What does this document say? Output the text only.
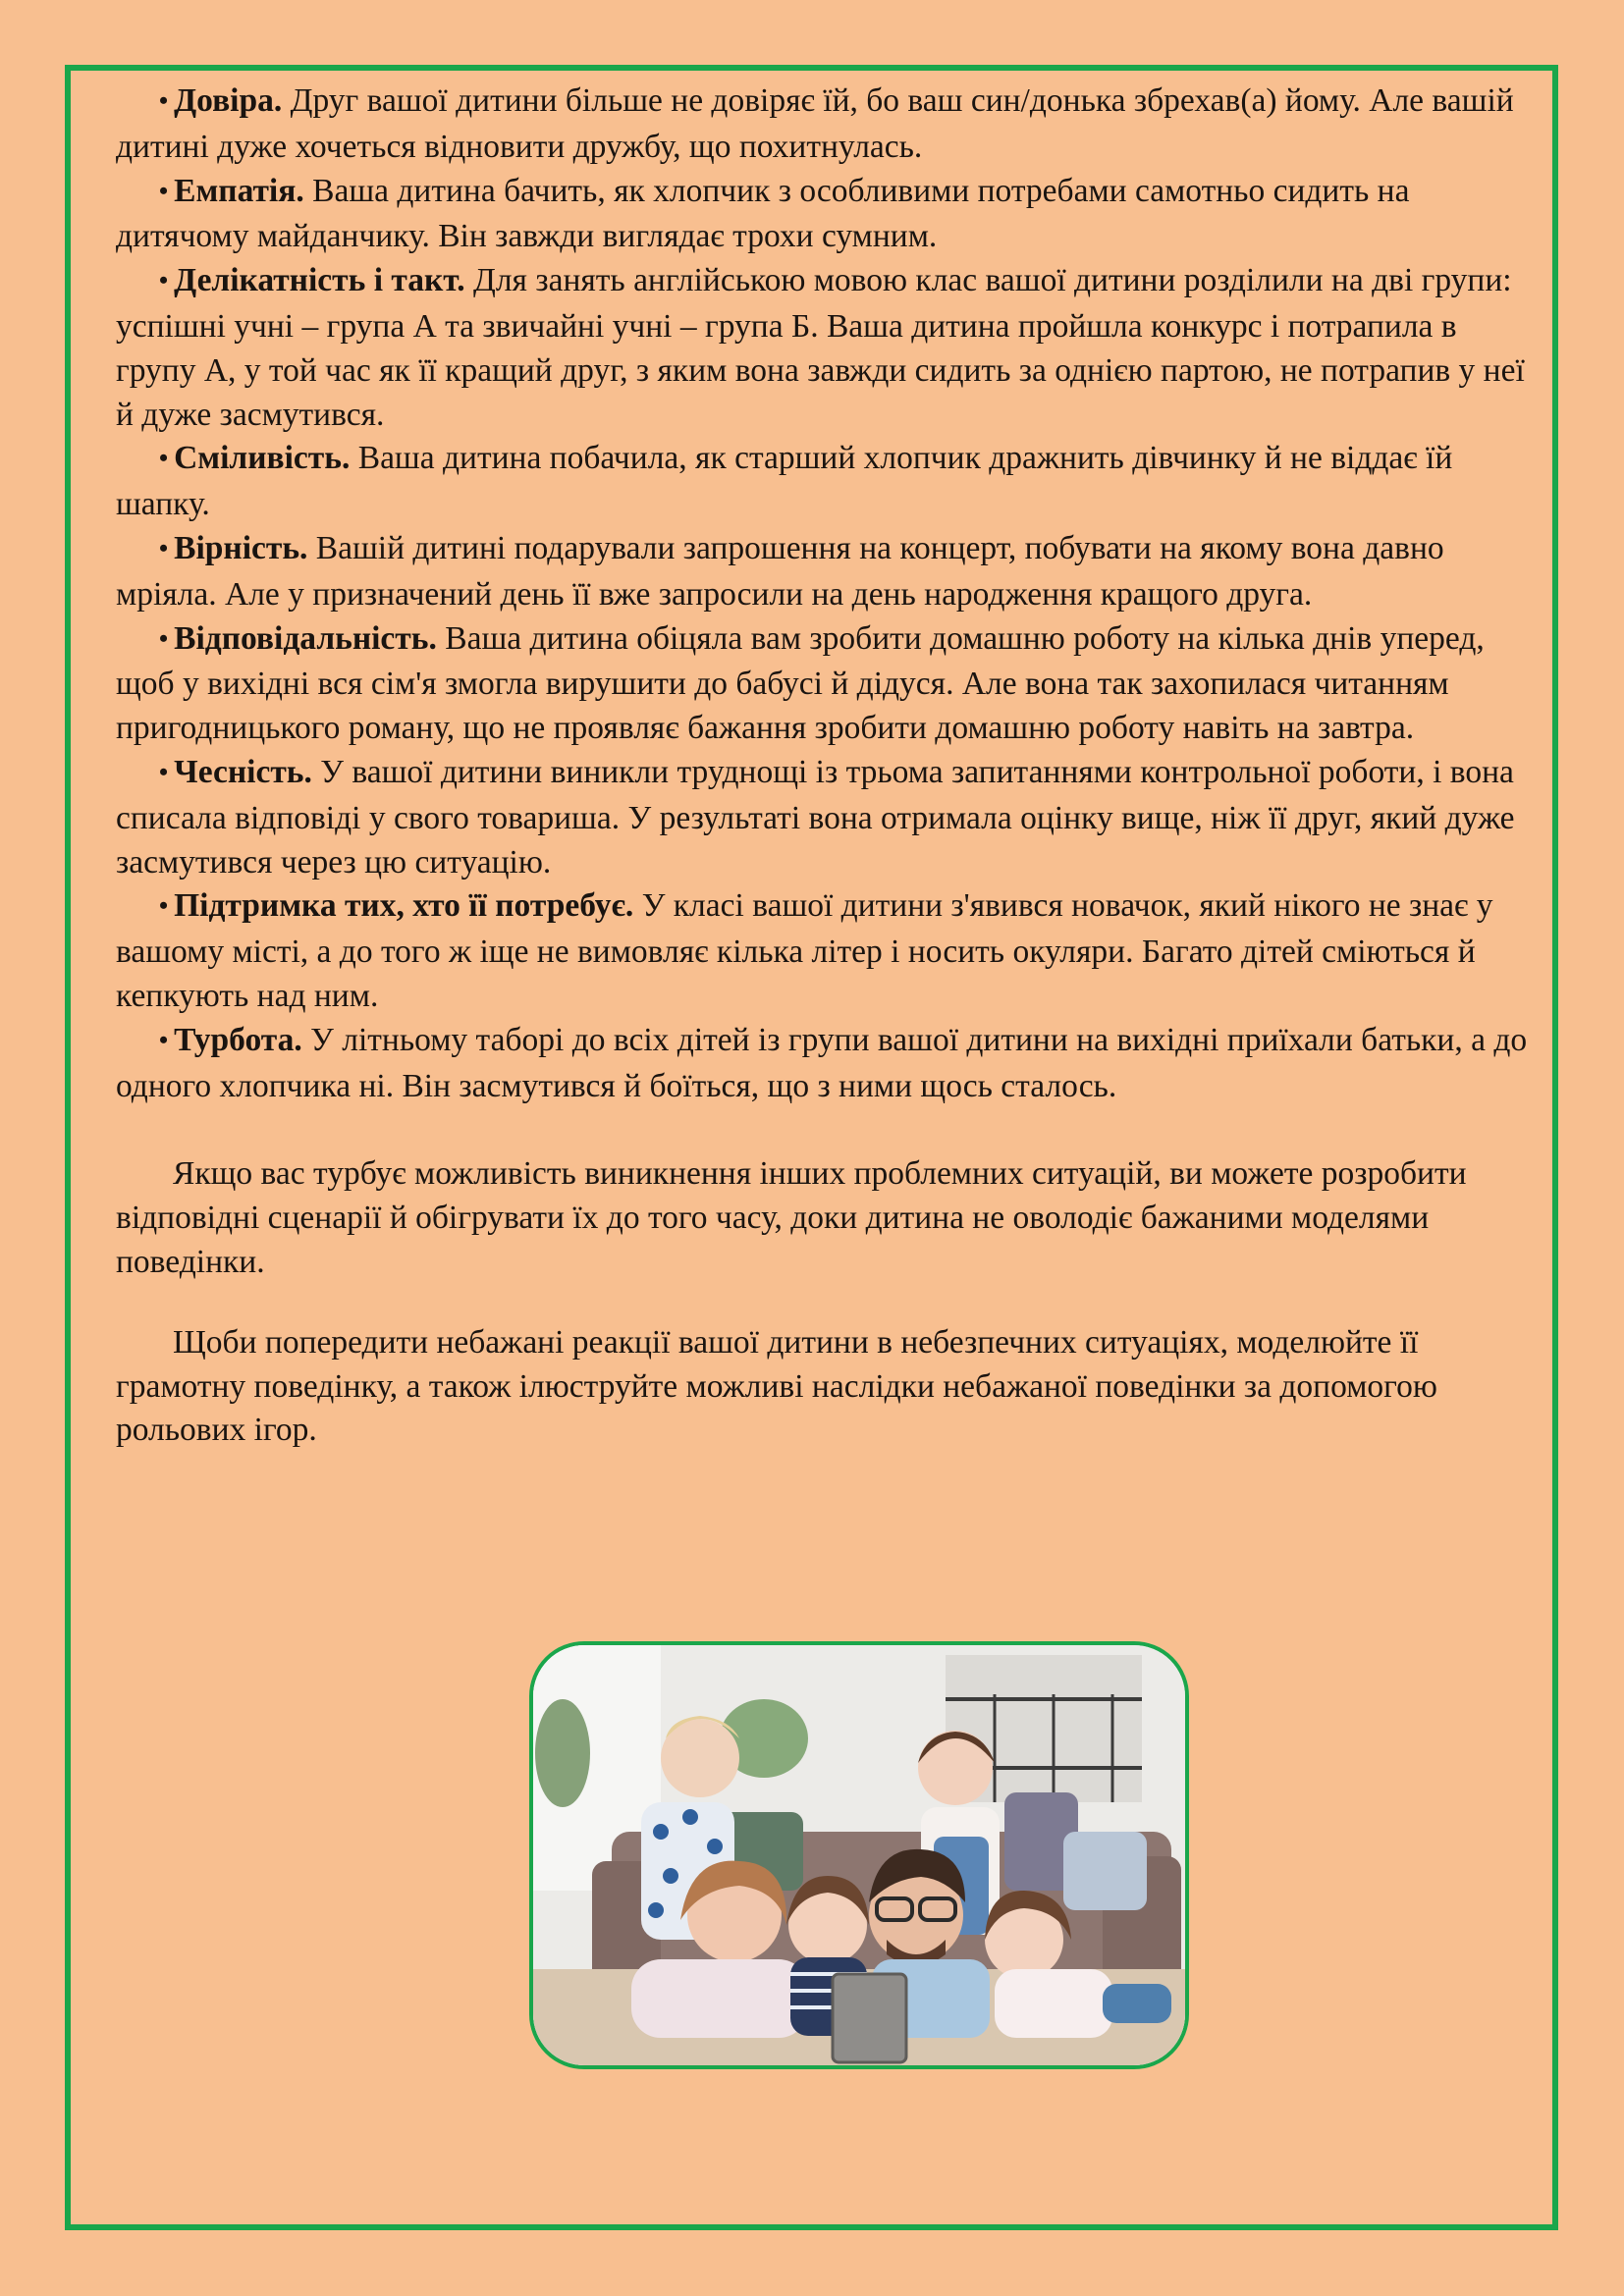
• Довіра. Друг вашої дитини більше не довіряє їй, бо ваш син/донька збрехав(а) йому. Але вашій дитині дуже хочеться відновити дружбу, що похитнулась.

• Емпатія. Ваша дитина бачить, як хлопчик з особливими потребами самотньо сидить на дитячому майданчику. Він завжди виглядає трохи сумним.

• Делікатність і такт. Для занять англійською мовою клас вашої дитини розділили на дві групи: успішні учні – група А та звичайні учні – група Б. Ваша дитина пройшла конкурс і потрапила в групу А, у той час як її кращий друг, з яким вона завжди сидить за однією партою, не потрапив у неї й дуже засмутився.

• Сміливість. Ваша дитина побачила, як старший хлопчик дражнить дівчинку й не віддає їй шапку.

• Вірність. Вашій дитині подарували запрошення на концерт, побувати на якому вона давно мріяла. Але у призначений день її вже запросили на день народження кращого друга.

• Відповідальність. Ваша дитина обіцяла вам зробити домашню роботу на кілька днів уперед, щоб у вихідні вся сім'я змогла вирушити до бабусі й дідуся. Але вона так захопилася читанням пригодницького роману, що не проявляє бажання зробити домашню роботу навіть на завтра.

• Чесність. У вашої дитини виникли труднощі із трьома запитаннями контрольної роботи, і вона списала відповіді у свого товариша. У результаті вона отримала оцінку вище, ніж її друг, який дуже засмутився через цю ситуацію.

• Підтримка тих, хто її потребує. У класі вашої дитини з'явився новачок, який нікого не знає у вашому місті, а до того ж іще не вимовляє кілька літер і носить окуляри. Багато дітей сміються й кепкують над ним.

• Турбота. У літньому таборі до всіх дітей із групи вашої дитини на вихідні приїхали батьки, а до одного хлопчика ні. Він засмутився й боїться, що з ними щось сталось.

Якщо вас турбує можливість виникнення інших проблемних ситуацій, ви можете розробити відповідні сценарії й обігрувати їх до того часу, доки дитина не оволодіє бажаними моделями поведінки.

Щоби попередити небажані реакції вашої дитини в небезпечних ситуаціях, моделюйте її грамотну поведінку, а також ілюструйте можливі наслідки небажаної поведінки за допомогою рольових ігор.
